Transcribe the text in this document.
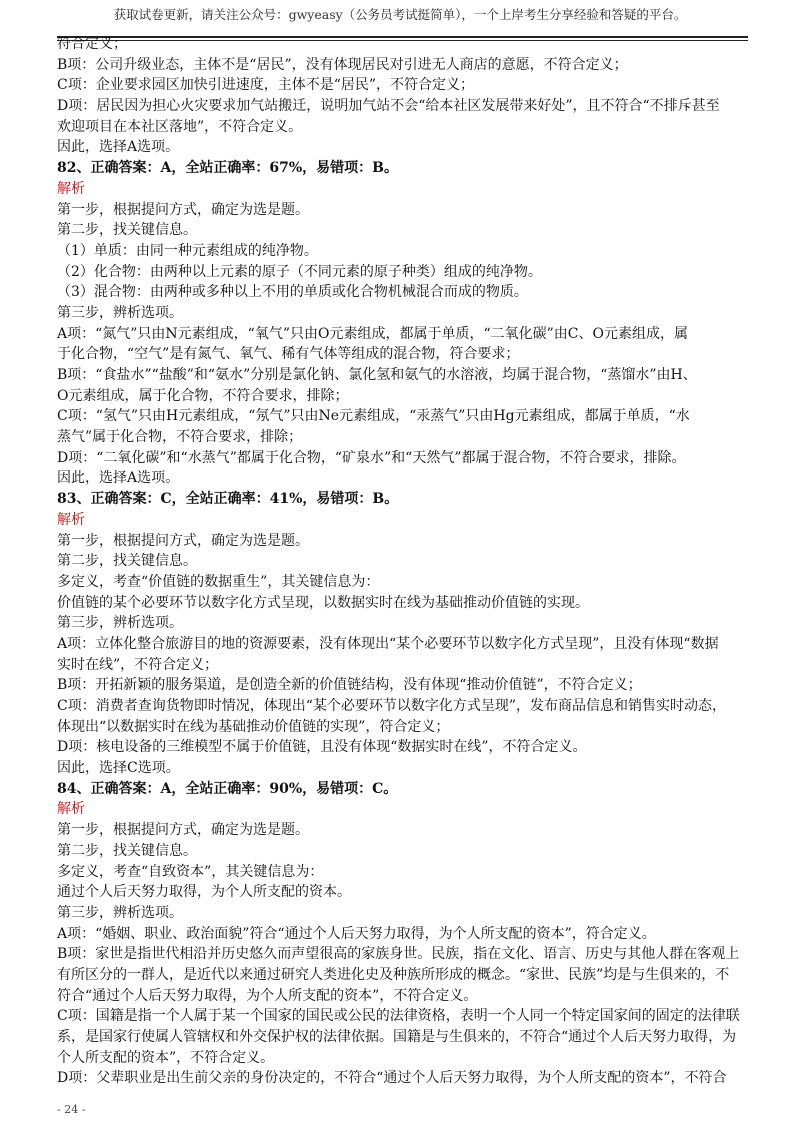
获取试卷更新，请关注公众号：gwyeasy（公务员考试挺简单），一个上岸考生分享经验和答疑的平台。
符合定义；
B项：公司升级业态，主体不是“居民”，没有体现居民对引进无人商店的意愿，不符合定义；
C项：企业要求园区加快引进速度，主体不是“居民”，不符合定义；
D项：居民因为担心火灾要求加气站搬迁，说明加气站不会“给本社区发展带来好处”，且不符合“不排斥甚至
欢迎项目在本社区落地”，不符合定义。
因此，选择A选项。
82、正确答案：A，全站正确率：67%，易错项：B。
解析
第一步，根据提问方式，确定为选是题。
第二步，找关键信息。
（1）单质：由同一种元素组成的纯净物。
（2）化合物：由两种以上元素的原子（不同元素的原子种类）组成的纯净物。
（3）混合物：由两种或多种以上不用的单质或化合物机械混合而成的物质。
第三步，辨析选项。
A项：“氮气”只由N元素组成，“氧气”只由O元素组成，都属于单质，“二氧化碳”由C、O元素组成，属
于化合物，“空气”是有氮气、氧气、稀有气体等组成的混合物，符合要求；
B项：“食盐水”“盐酸”和“氨水”分别是氯化钠、氯化氢和氨气的水溶液，均属于混合物，“蒸馏水”由H、
O元素组成，属于化合物，不符合要求，排除；
C项：“氢气”只由H元素组成，“氖气”只由Ne元素组成，“汞蒸气”只由Hg元素组成，都属于单质，“水
蒸气”属于化合物，不符合要求，排除；
D项：“二氧化碳”和“水蒸气”都属于化合物，“矿泉水”和“天然气”都属于混合物，不符合要求，排除。
因此，选择A选项。
83、正确答案：C，全站正确率：41%，易错项：B。
解析
第一步，根据提问方式，确定为选是题。
第二步，找关键信息。
多定义，考查“价值链的数据重生”，其关键信息为：
价值链的某个必要环节以数字化方式呈现，以数据实时在线为基础推动价值链的实现。
第三步，辨析选项。
A项：立体化整合旅游目的地的资源要素，没有体现出“某个必要环节以数字化方式呈现”，且没有体现“数据
实时在线”，不符合定义；
B项：开拓新颖的服务渠道，是创造全新的价值链结构，没有体现“推动价值链”，不符合定义；
C项：消费者查询货物即时情况，体现出“某个必要环节以数字化方式呈现”，发布商品信息和销售实时动态，
体现出“以数据实时在线为基础推动价值链的实现”，符合定义；
D项：核电设备的三维模型不属于价值链，且没有体现“数据实时在线”，不符合定义。
因此，选择C选项。
84、正确答案：A，全站正确率：90%，易错项：C。
解析
第一步，根据提问方式，确定为选是题。
第二步，找关键信息。
多定义，考查“自致资本”，其关键信息为：
通过个人后天努力取得，为个人所支配的资本。
第三步，辨析选项。
A项：“婚姻、职业、政治面貌”符合“通过个人后天努力取得，为个人所支配的资本”，符合定义。
B项：家世是指世代相沿并历史悠久而声望很高的家族身世。民族，指在文化、语言、历史与其他人群在客观上
有所区分的一群人，是近代以来通过研究人类进化史及种族所形成的概念。“家世、民族”均是与生俱来的，不
符合“通过个人后天努力取得，为个人所支配的资本”，不符合定义。
C项：国籍是指一个人属于某一个国家的国民或公民的法律资格，表明一个人同一个特定国家间的固定的法律联
系，是国家行使属人管辖权和外交保护权的法律依据。国籍是与生俱来的，不符合“通过个人后天努力取得，为
个人所支配的资本”，不符合定义。
D项：父辈职业是出生前父亲的身份决定的，不符合“通过个人后天努力取得，为个人所支配的资本”，不符合
- 24 -
